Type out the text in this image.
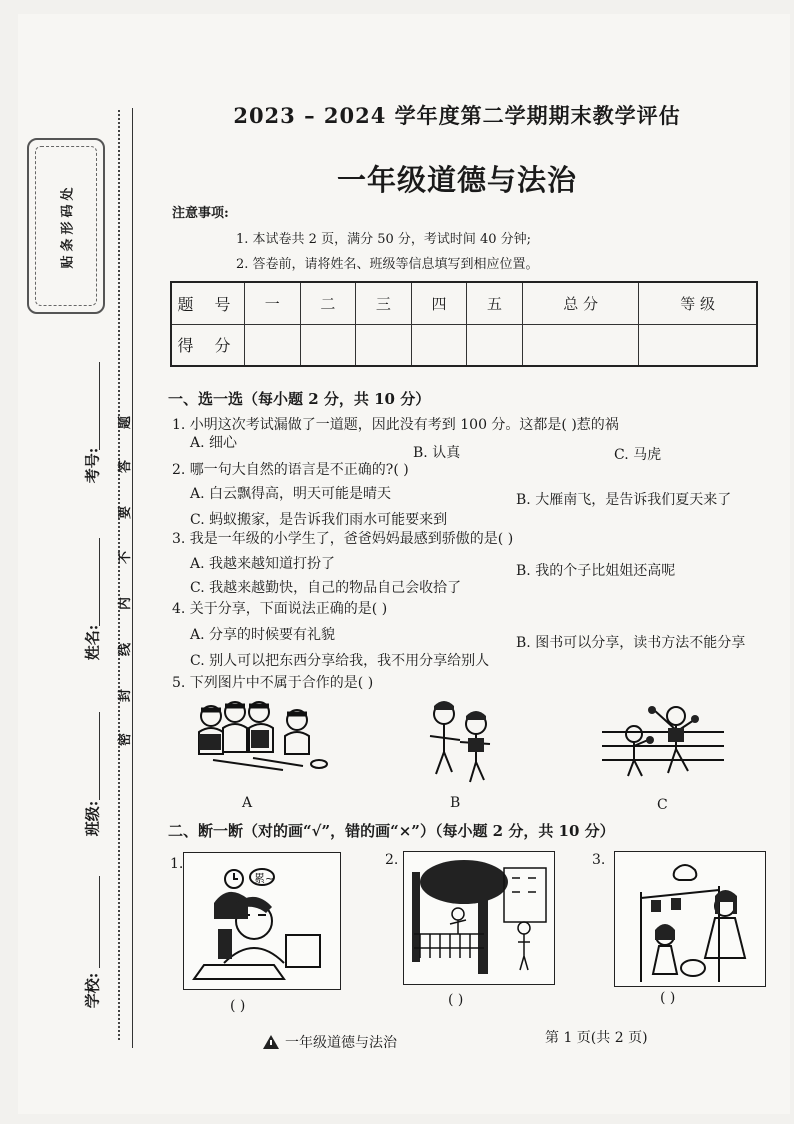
贴条形码处
考号:
姓名:
班级:
学校:
题
答
要
不
内
线
封
密
2023 – 2024 学年度第二学期期末教学评估
一年级道德与法治
注意事项:
1. 本试卷共 2 页，满分 50 分，考试时间 40 分钟;
2. 答卷前，请将姓名、班级等信息填写到相应位置。
题 号	一	二	三	四	五	总 分	等 级
得 分							
一、选一选（每小题 2 分，共 10 分）
1. 小明这次考试漏做了一道题，因此没有考到 100 分。这都是( )惹的祸
A. 细心
B. 认真	C. 马虎
2. 哪一句大自然的语言是不正确的?( )
A. 白云飘得高，明天可能是晴天	B. 大雁南飞，是告诉我们夏天来了
C. 蚂蚁搬家，是告诉我们雨水可能要来到
3. 我是一年级的小学生了，爸爸妈妈最感到骄傲的是( )
A. 我越来越知道打扮了	B. 我的个子比姐姐还高呢
C. 我越来越勤快，自己的物品自己会收拾了
4. 关于分享，下面说法正确的是( )
A. 分享的时候要有礼貌	B. 图书可以分享，读书方法不能分享
C. 别人可以把东西分享给我，我不用分享给别人
5. 下列图片中不属于合作的是( )
A	B	C
二、断一断（对的画“√”，错的画“×”）（每小题 2 分，共 10 分）
1.
累~
( )
2.
( )
3.
( )
一年级道德与法治	第 1 页(共 2 页)
